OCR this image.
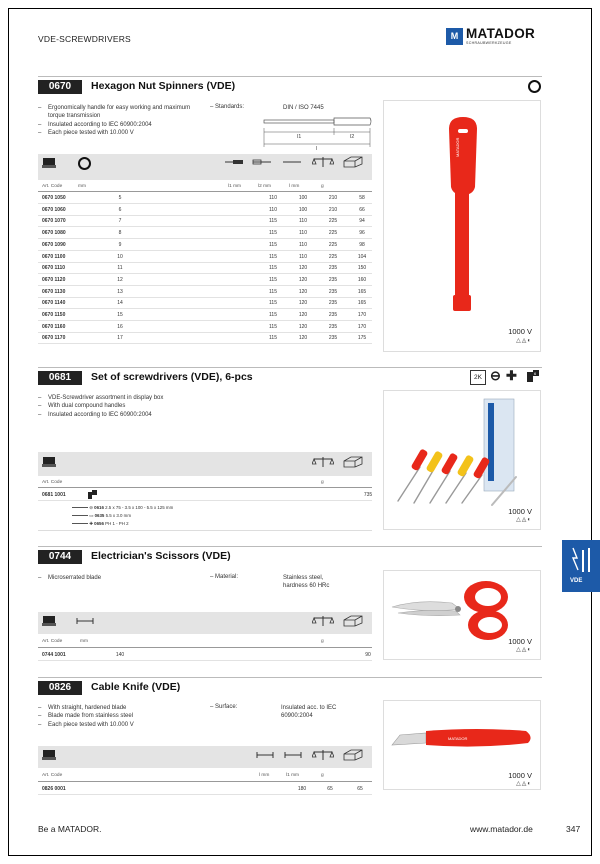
VDE-SCREWDRIVERS	M MATADOR
SCHRAUBWERKZEUGE
0670	Hexagon Nut Spinners (VDE)
– Ergonomically handle for easy working and maximum torque transmission
– Insulated according to IEC 60900:2004
– Each piece tested with 10.000 V
– Standards:	DIN / ISO 7445
l1	l2
l
Art. Code	mm	l1 mm	l2 mm	l mm	g
0670 1050	5	110	100	210	58
0670 1060	6	110	100	210	66
0670 1070	7	115	110	225	94
0670 1080	8	115	110	225	96
0670 1090	9	115	110	225	98
0670 1100	10	115	110	225	104
0670 1110	11	115	120	235	150
0670 1120	12	115	120	235	160
0670 1130	13	115	120	235	165
0670 1140	14	115	120	235	165
0670 1150	15	115	120	235	170
0670 1160	16	115	120	235	170
0670 1170	17	115	120	235	175
MATADOR
1000 V
△◬◐
0681	Set of screwdrivers (VDE), 6-pcs	2K ⊖ ✚	6
– VDE-Screwdriver assortment in display box
– With dual compound handles
– Insulated according to IEC 60900:2004
Art. Code	g
0681 1001	735
⊖ 0616 2.5 x 75 - 3.5 x 100 - 5.5 x 125 mm
▭ 0635 5.5 x 3.0 mm
✚ 0656 PH 1 - PH 2
1000 V
△◬◐
0744	Electrician's Scissors (VDE)
– Microserrated blade	– Material:	Stainless steel, hardness 60 HRc
Art. Code	mm	g
0744 1001	140	90
1000 V
△◬◐
0826	Cable Knife (VDE)
– With straight, hardened blade
– Blade made from stainless steel
– Each piece tested with 10.000 V
– Surface:	Insulated acc. to IEC 60900:2004
Art. Code	l mm	l1 mm	g
0826 0001	180	65	65
MATADOR
1000 V
△◬◐
VDE
Be a MATADOR.	www.matador.de	347
